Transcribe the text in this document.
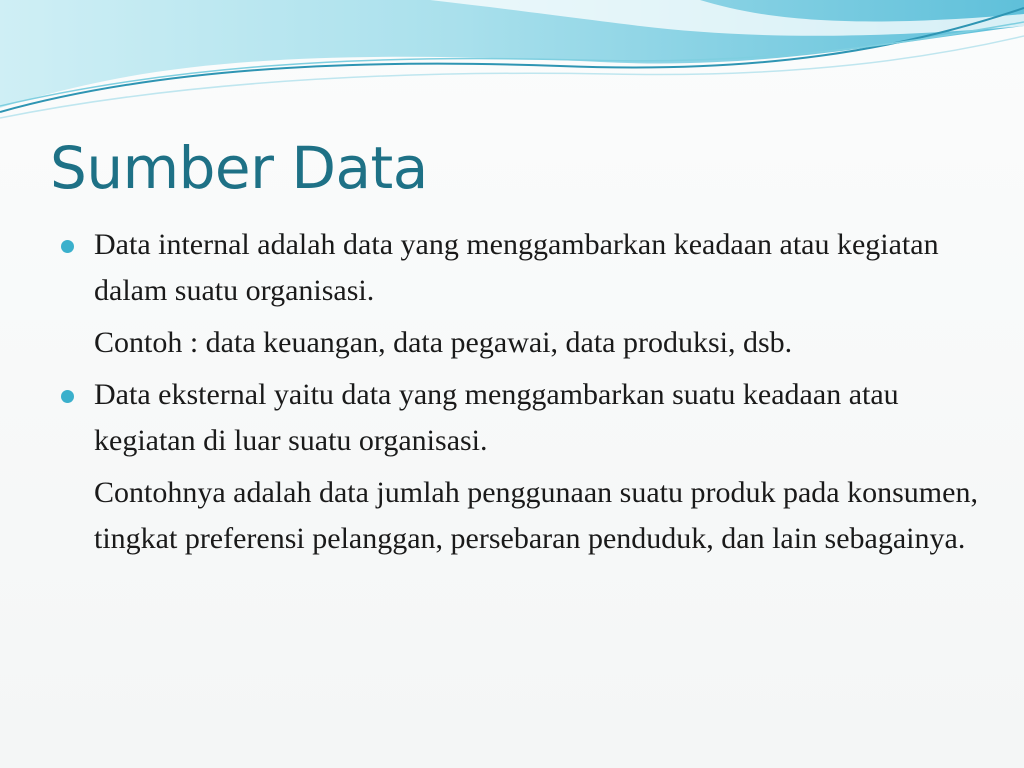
Sumber Data
Data internal adalah data yang menggambarkan keadaan atau kegiatan dalam suatu organisasi.
Contoh : data keuangan, data pegawai, data produksi, dsb.
Data eksternal yaitu data yang menggambarkan suatu keadaan atau kegiatan di luar suatu organisasi.
Contohnya adalah data jumlah penggunaan suatu produk pada konsumen, tingkat preferensi pelanggan, persebaran penduduk, dan lain sebagainya.
